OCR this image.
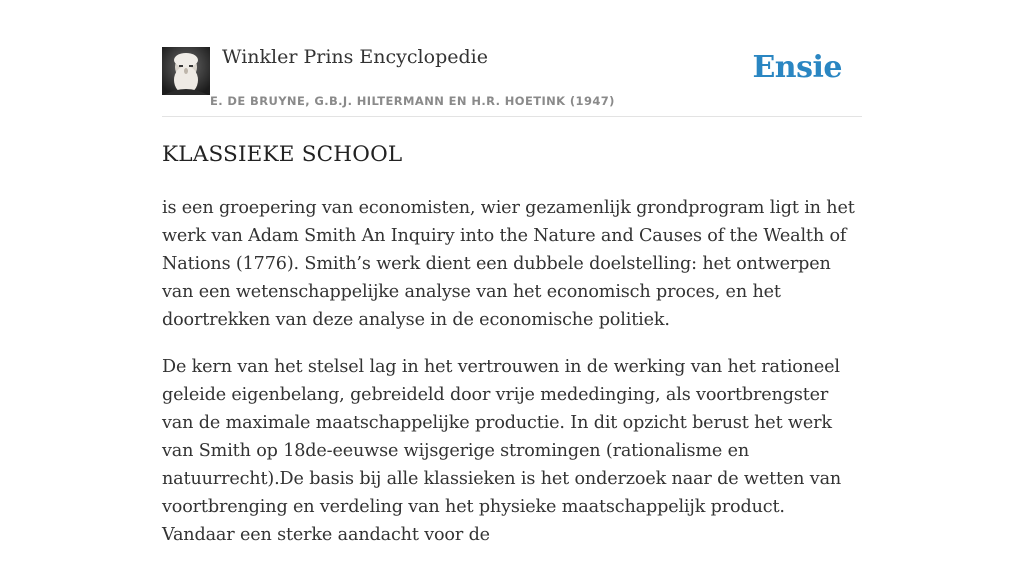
Winkler Prins Encyclopedie
E. DE BRUYNE, G.B.J. HILTERMANN EN H.R. HOETINK (1947)
Ensie
KLASSIEKE SCHOOL

is een groepering van economisten, wier gezamenlijk grondprogram ligt in het werk van Adam Smith An Inquiry into the Nature and Causes of the Wealth of Nations (1776). Smith’s werk dient een dubbele doelstelling: het ontwerpen van een wetenschappelijke analyse van het economisch proces, en het doortrekken van deze analyse in de economische politiek.

De kern van het stelsel lag in het vertrouwen in de werking van het rationeel geleide eigenbelang, gebreideld door vrije mededinging, als voortbrengster van de maximale maatschappelijke productie. In dit opzicht berust het werk van Smith op 18de-eeuwse wijsgerige stromingen (rationalisme en natuurrecht).De basis bij alle klassieken is het onderzoek naar de wetten van voortbrenging en verdeling van het physieke maatschappelijk product. Vandaar een sterke aandacht voor de
